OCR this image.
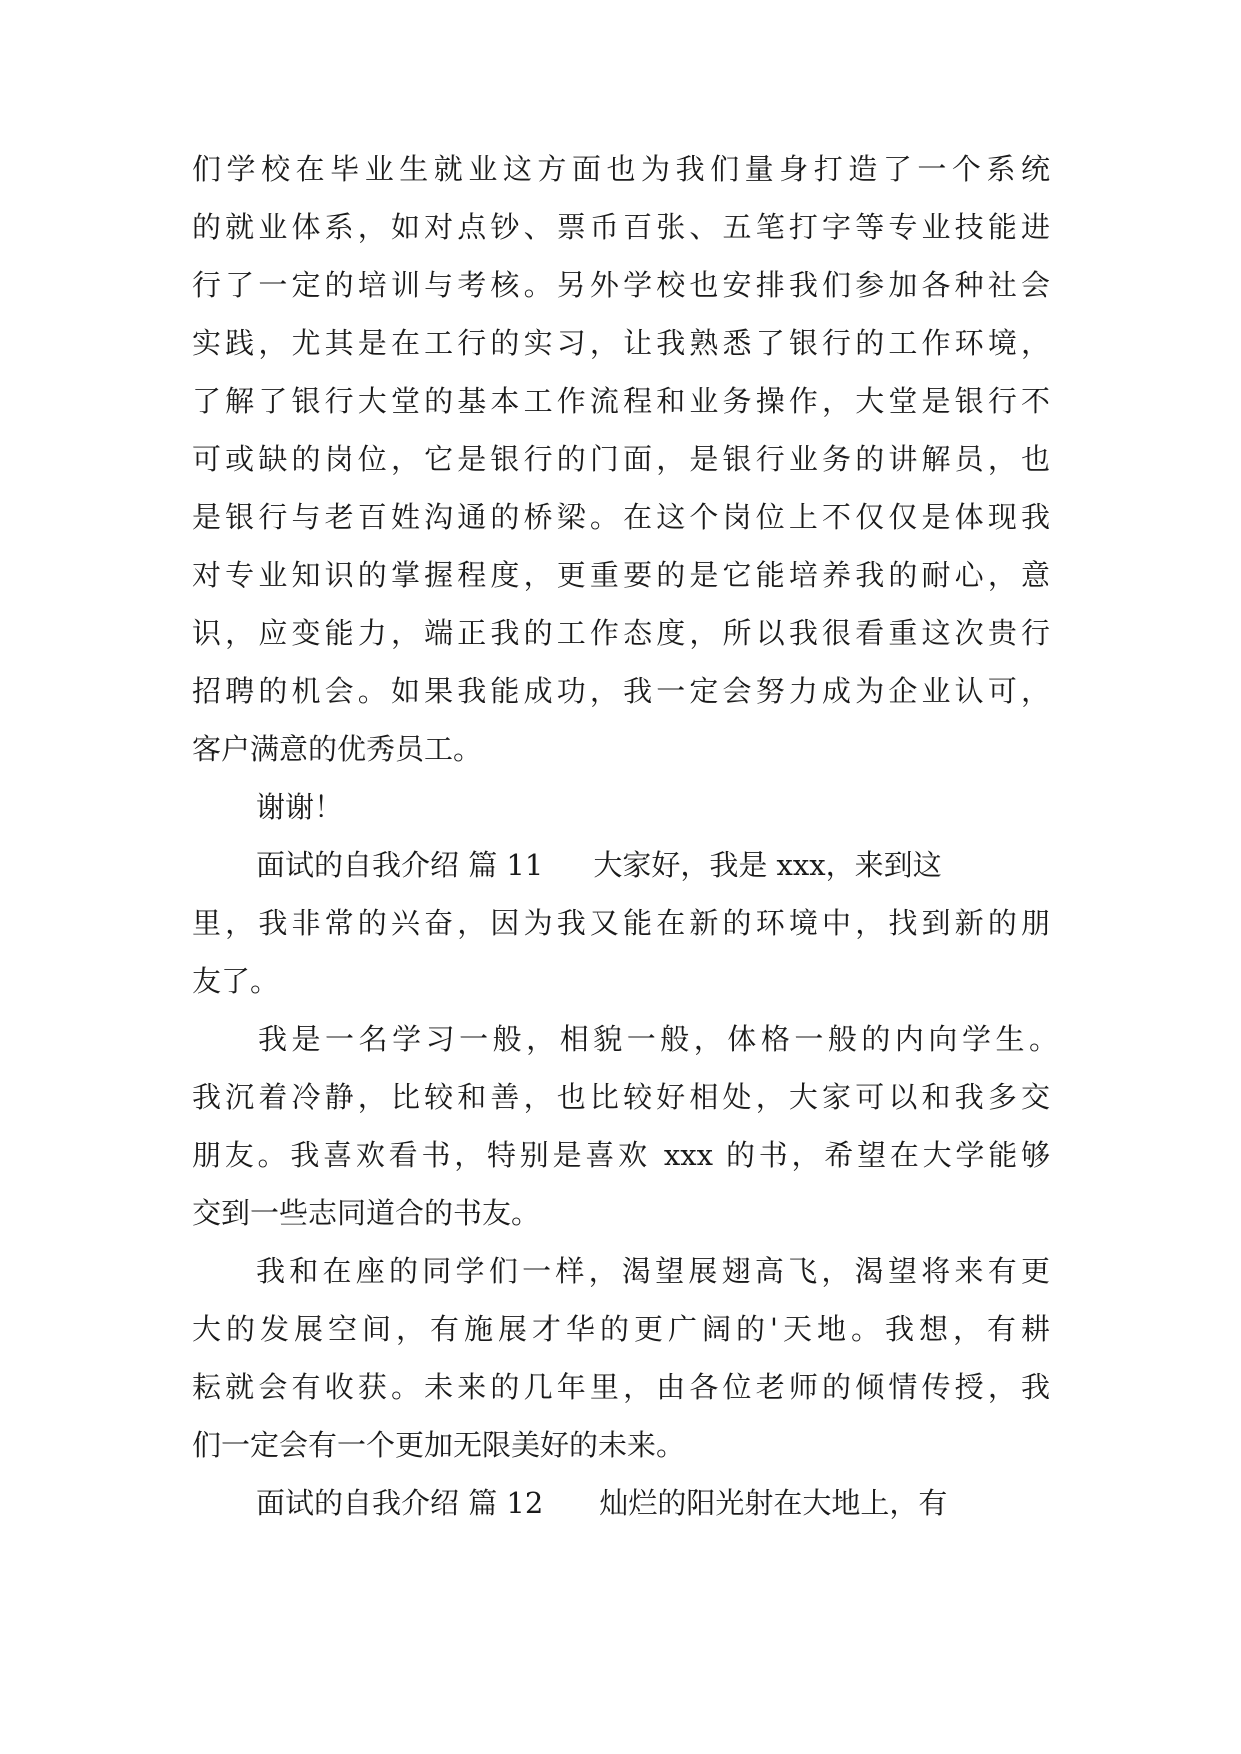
们学校在毕业生就业这方面也为我们量身打造了一个系统
的就业体系，如对点钞、票币百张、五笔打字等专业技能进
行了一定的培训与考核。另外学校也安排我们参加各种社会
实践，尤其是在工行的实习，让我熟悉了银行的工作环境，
了解了银行大堂的基本工作流程和业务操作，大堂是银行不
可或缺的岗位，它是银行的门面，是银行业务的讲解员，也
是银行与老百姓沟通的桥梁。在这个岗位上不仅仅是体现我
对专业知识的掌握程度，更重要的是它能培养我的耐心，意
识，应变能力，端正我的工作态度，所以我很看重这次贵行
招聘的机会。如果我能成功，我一定会努力成为企业认可，
客户满意的优秀员工。
谢谢！
面试的自我介绍 篇 11 大家好，我是 xxx，来到这
里，我非常的兴奋，因为我又能在新的环境中，找到新的朋
友了。
我是一名学习一般，相貌一般，体格一般的内向学生。
我沉着冷静，比较和善，也比较好相处，大家可以和我多交
朋友。我喜欢看书，特别是喜欢 xxx 的书，希望在大学能够
交到一些志同道合的书友。
我和在座的同学们一样，渴望展翅高飞，渴望将来有更
大的发展空间，有施展才华的更广阔的'天地。我想，有耕
耘就会有收获。未来的几年里，由各位老师的倾情传授，我
们一定会有一个更加无限美好的未来。
面试的自我介绍 篇 12 灿烂的阳光射在大地上，有
